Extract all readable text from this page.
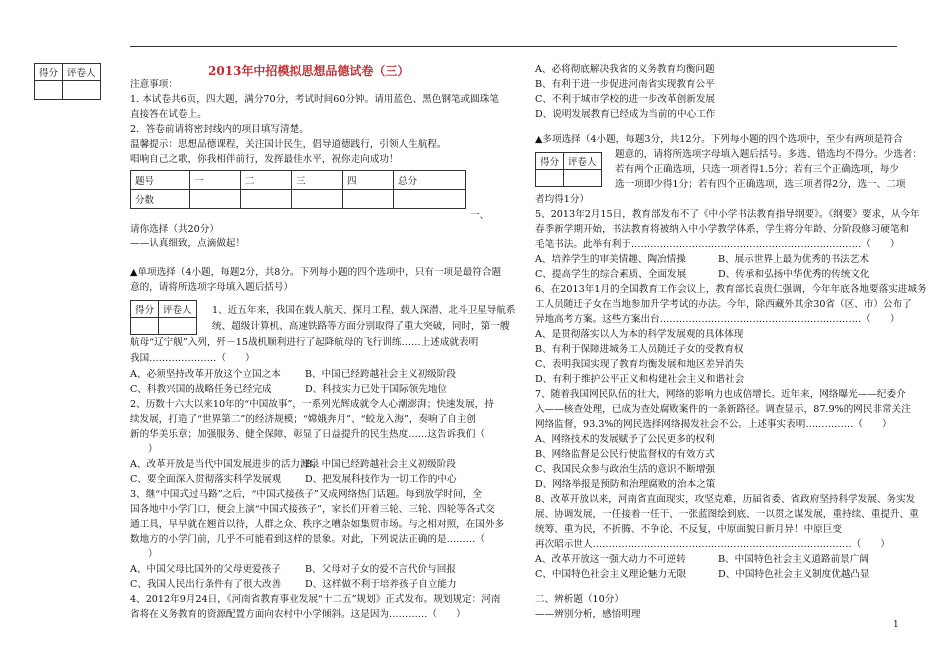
得分	评卷人
		2013年中招模拟思想品德试卷（三）
注意事项：
1. 本试卷共6页，四大题，满分70分，考试时间60分钟。请用蓝色、黑色钢笔或圆珠笔
直接答在试卷上。
2．答卷前请将密封线内的项目填写清楚。
温馨提示：思想品德课程，关注国计民生，倡导道德践行，引领人生航程。
唱响自己之歌，你我相伴前行，发挥最佳水平，祝你走向成功！
题号	一	二	三	四	总分
分数					
一、
请你选择（共20分）
——认真细致，点滴做起！
▲单项选择（4小题，每题2分，共8分。下列每小题的四个选项中，只有一项是最符合题
意的，请将所选项字母填入题后括号）
得分	评卷人
	1、近五年来，我国在载人航天、探月工程、载人深潜、北斗卫星导航系
统、超级计算机、高速铁路等方面分别取得了重大突破，同时，第一艘
航母“辽宁舰”入列，歼－15战机顺利进行了起降航母的飞行训练……上述成就表明
我国…………………（　　）
A、必须坚持改革开放这个立国之本	B、中国已经跨越社会主义初级阶段
C、科教兴国的战略任务已经完成	D、科技实力已处于国际领先地位
2、历数十六大以来10年的“中国故事”，一系列光辉成就令人心潮澎湃；快速发展，持
续发展，打造了“世界第二”的经济规模；“嫦娥奔月”、“蛟龙入海”，奏响了自主创
新的华美乐章；加强服务、健全保障，彰显了日益提升的民生热度……这告诉我们（
）
A、改革开放是当代中国发展进步的活力源泉
B、中国已经跨越社会主义初级阶段
C、要全面深入贯彻落实科学发展观 D、把发展科技作为一切工作的中心
3、继“中国式过马路”之后，“中国式接孩子”又成网络热门话题。每到放学时间，全
国各地中小学门口，便会上演“中国式接孩子”，家长们开着三轮、三轮、四轮等各式交
通工具，早早就在翘首以待，人群之众、秩序之嘈杂如集贸市场。与之相对照，在国外多
数地方的小学门前，几乎不可能看到这样的景象。对此，下列说法正确的是………（
）
A、中国父母比国外的父母更爱孩子	B、父母对子女的爱不言代价与回报
C、我国人民出行条件有了很大改善 D、这样做不利于培养孩子自立能力
4、2012年9月24日，《河南省教育事业发展“十二五”规划》正式发布。规划规定：河南
省将在义务教育的资源配置方面向农村中小学倾斜。这是因为…………（　　）
A、必将彻底解决我省的义务教育均衡问题
B、有利于进一步促进河南省实现教育公平
C、不利于城市学校的进一步改革创新发展
D、说明发展教育已经成为当前的中心工作
▲多项选择（4小题，每题3分，共12分。下列每小题的四个选项中，至少有两项是符合
得分	评卷人

题意的，请将所选项字母填入题后括号。多选、错选均不得分。少选者：
若有两个正确选项，只选一项者得1.5分；若有三个正确选项，每少
选一项即少得1分；若有四个正确选项，选三项者得2分，选一、二项
者均得1分）
5、2013年2月15日，教育部发布不了《中小学书法教育指导纲要》。《纲要》要求，从今年
春季新学期开始，书法教育将被纳入中小学教学体系，学生将分年龄、分阶段修习硬笔和
毛笔书法。此举有利于………………………………………………………………（　　）
A、培养学生的审美情趣、陶冶情操	B、展示世界上最为优秀的书法艺术
C、提高学生的综合素质、全面发展	D、传承和弘扬中华优秀的传统文化
6、在2013年1月的全国教育工作会议上，教育部长袁贵仁强调，今年年底各地要落实进城务
工人员随迁子女在当地参加升学考试的办法。今年，除西藏外其余30省（区、市）公布了
异地高考方案。这些方案出台………………………………………………………（　　）
A、是贯彻落实以人为本的科学发展观的具体体现
B、有利于保障进城务工人员随迁子女的受教育权
C、表明我国实现了教育均衡发展和地区差异消失
D、有利于维护公平正义和构建社会主义和谐社会
7、随着我国网民队伍的壮大，网络的影响力也成倍增长。近年来，网络曝光——纪委介
入——核查处理，已成为查处腐败案件的一条新路径。调查显示，87.9%的网民非常关注
网络监督，93.3%的网民选择网络揭发社会不公。上述事实表明……………（　　）
A、网络技术的发展赋予了公民更多的权利
B、网络监督是公民行使监督权的有效方式
C、我国民众参与政治生活的意识不断增强
D、网络举报是预防和治理腐败的治本之策
8、改革开放以来，河南省直面现实，攻坚克难，历届省委、省政府坚持科学发展、务实发
展、协调发展，一任接着一任干、一张蓝图绘到底、一以贯之谋发展，重持续、重提升、重
统筹、重为民，不折腾、不争论、不反复，中原面貌日新月异！中原巨变
再次昭示世人………………………………………………………………………（　　）
A、改革开放这一强大动力不可逆转	B、中国特色社会主义道路前景广阔
C、中国特色社会主义理论魅力无限	D、中国特色社会主义制度优越凸显
二、辨析题（10分）
——辨别分析，感悟明理
1
